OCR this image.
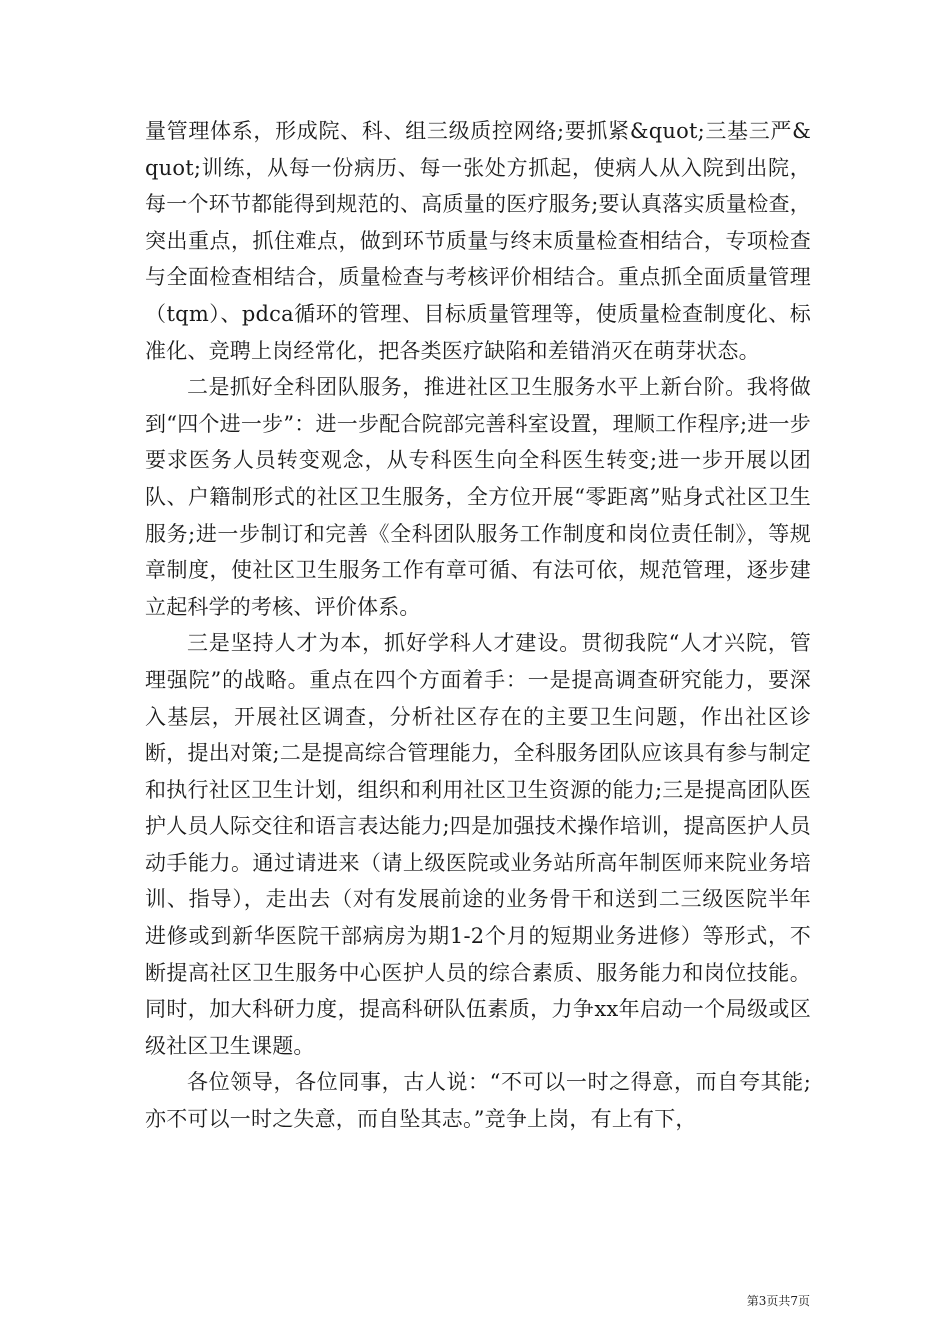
量管理体系，形成院、科、组三级质控网络;要抓紧&quot;三基三严&quot;训练，从每一份病历、每一张处方抓起，使病人从入院到出院，每一个环节都能得到规范的、高质量的医疗服务;要认真落实质量检查，突出重点，抓住难点，做到环节质量与终末质量检查相结合，专项检查与全面检查相结合，质量检查与考核评价相结合。重点抓全面质量管理（tqm）、pdca循环的管理、目标质量管理等，使质量检查制度化、标准化、竞聘上岗经常化，把各类医疗缺陷和差错消灭在萌芽状态。

二是抓好全科团队服务，推进社区卫生服务水平上新台阶。我将做到“四个进一步”：进一步配合院部完善科室设置，理顺工作程序;进一步要求医务人员转变观念，从专科医生向全科医生转变;进一步开展以团队、户籍制形式的社区卫生服务，全方位开展“零距离”贴身式社区卫生服务;进一步制订和完善《全科团队服务工作制度和岗位责任制》，等规章制度，使社区卫生服务工作有章可循、有法可依，规范管理，逐步建立起科学的考核、评价体系。

三是坚持人才为本，抓好学科人才建设。贯彻我院“人才兴院，管理强院”的战略。重点在四个方面着手：一是提高调查研究能力，要深入基层，开展社区调查，分析社区存在的主要卫生问题，作出社区诊断，提出对策;二是提高综合管理能力，全科服务团队应该具有参与制定和执行社区卫生计划，组织和利用社区卫生资源的能力;三是提高团队医护人员人际交往和语言表达能力;四是加强技术操作培训，提高医护人员动手能力。通过请进来（请上级医院或业务站所高年制医师来院业务培训、指导），走出去（对有发展前途的业务骨干和送到二三级医院半年进修或到新华医院干部病房为期1-2个月的短期业务进修）等形式，不断提高社区卫生服务中心医护人员的综合素质、服务能力和岗位技能。同时，加大科研力度，提高科研队伍素质，力争xx年启动一个局级或区级社区卫生课题。

各位领导，各位同事，古人说：“不可以一时之得意，而自夸其能;亦不可以一时之失意，而自坠其志。”竞争上岗，有上有下，

第3页共7页
